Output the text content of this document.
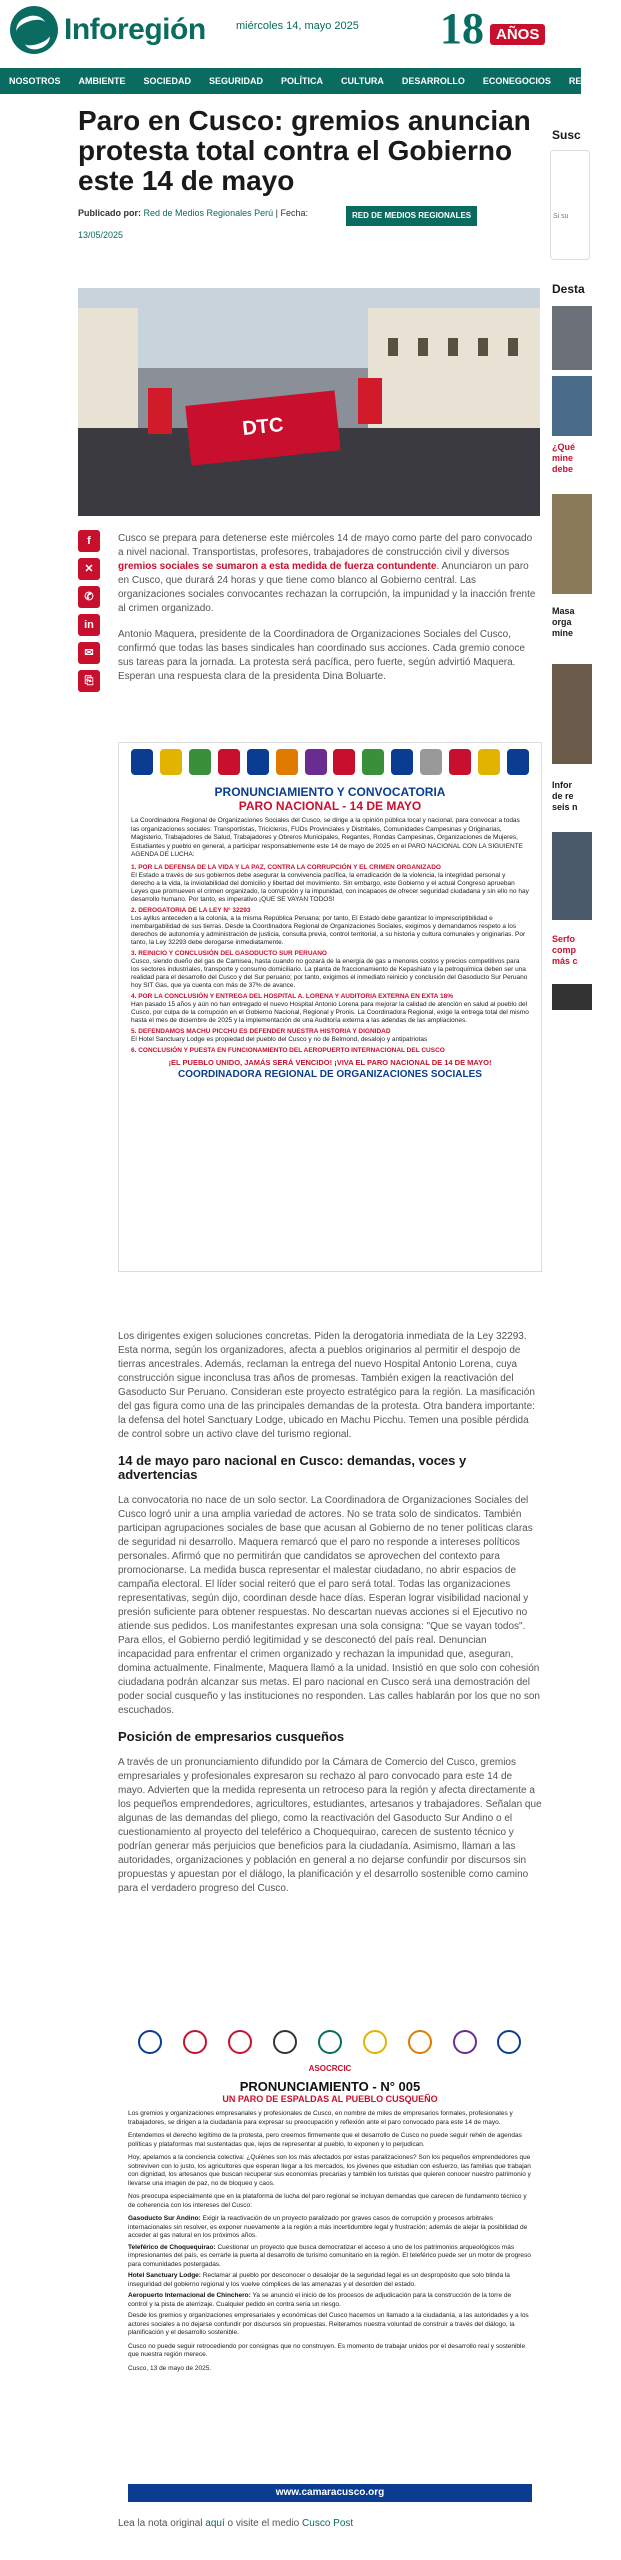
Inforegión	miércoles 14, mayo 2025 18 AÑOS
NOSOTROS AMBIENTE SOCIEDAD SEGURIDAD POLÍTICA CULTURA DESARROLLO ECONEGOCIOS REPORTA
Paro en Cusco: gremios anuncian protesta total contra el Gobierno este 14 de mayo
Publicado por: Red de Medios Regionales Perú | Fecha:	RED DE MEDIOS REGIONALES
13/05/2025
DTC
f
✕
✆
in
✉
⎘

Cusco se prepara para detenerse este miércoles 14 de mayo como parte del paro convocado a nivel nacional. Transportistas, profesores, trabajadores de construcción civil y diversos gremios sociales se sumaron a esta medida de fuerza contundente. Anunciaron un paro en Cusco, que durará 24 horas y que tiene como blanco al Gobierno central. Las organizaciones sociales convocantes rechazan la corrupción, la impunidad y la inacción frente al crimen organizado.

Antonio Maquera, presidente de la Coordinadora de Organizaciones Sociales del Cusco, confirmó que todas las bases sindicales han coordinado sus acciones. Cada gremio conoce sus tareas para la jornada. La protesta será pacífica, pero fuerte, según advirtió Maquera. Esperan una respuesta clara de la presidenta Dina Boluarte.

PRONUNCIAMIENTO Y CONVOCATORIA
PARO NACIONAL - 14 DE MAYO
La Coordinadora Regional de Organizaciones Sociales del Cusco, se dirige a la opinión pública local y nacional, para convocar a todas las organizaciones sociales: Transportistas, Tricicleros, FUDs Provinciales y Distritales, Comunidades Campesinas y Originarias, Magisterio, Trabajadores de Salud, Trabajadores y Obreros Municipales, Regantes, Rondas Campesinas, Organizaciones de Mujeres, Estudiantes y pueblo en general, a participar responsablemente este 14 de mayo de 2025 en el PARO NACIONAL CON LA SIGUIENTE AGENDA DE LUCHA:
1. POR LA DEFENSA DE LA VIDA Y LA PAZ, CONTRA LA CORRUPCIÓN Y EL CRIMEN ORGANIZADO
El Estado a través de sus gobiernos debe asegurar la convivencia pacífica, la erradicación de la violencia, la integridad personal y derecho a la vida, la inviolabilidad del domicilio y libertad del movimiento. Sin embargo, este Gobierno y el actual Congreso aprueban Leyes que promueven el crimen organizado, la corrupción y la impunidad, con incapaces de ofrecer seguridad ciudadana y sin ello no hay desarrollo humano. Por tanto, es imperativo ¡QUE SE VAYAN TODOS!
2. DEROGATORIA DE LA LEY N° 32293
Los ayllus anteceden a la colonia, a la misma República Peruana; por tanto, El Estado debe garantizar lo imprescriptibilidad e inembargabilidad de sus tierras. Desde la Coordinadora Regional de Organizaciones Sociales, exigimos y demandamos respeto a los derechos de autonomía y administración de justicia, consulta previa, control territorial, a su historia y cultura comunales y originarias. Por tanto, la Ley 32293 debe derogarse inmediatamente.
3. REINICIO Y CONCLUSIÓN DEL GASODUCTO SUR PERUANO
Cusco, siendo dueño del gas de Camisea, hasta cuando no gozará de la energía de gas a menores costos y precios competitivos para los sectores industriales, transporte y consumo domiciliario. La planta de fraccionamiento de Kepashiato y la petroquímica deben ser una realidad para el desarrollo del Cusco y del Sur peruano; por tanto, exigimos el inmediato reinicio y conclusión del Gasoducto Sur Peruano hoy SIT Gas, que ya cuenta con más de 37% de avance.
4. POR LA CONCLUSIÓN Y ENTREGA DEL HOSPITAL A. LORENA Y AUDITORIA EXTERNA EN EXTA 18%
Han pasado 15 años y aún no han entregado el nuevo Hospital Antonio Lorena para mejorar la calidad de atención en salud al pueblo del Cusco, por culpa de la corrupción en el Gobierno Nacional, Regional y Pronis. La Coordinadora Regional, exige la entrega total del mismo hasta el mes de diciembre de 2025 y la implementación de una Auditoría externa a las adendas de las ampliaciones.
5. DEFENDAMOS MACHU PICCHU ES DEFENDER NUESTRA HISTORIA Y DIGNIDAD
El Hotel Sanctuary Lodge es propiedad del pueblo del Cusco y no de Belmond, desalojo y antipatriotas
6. CONCLUSIÓN Y PUESTA EN FUNCIONAMIENTO DEL AEROPUERTO INTERNACIONAL DEL CUSCO
¡EL PUEBLO UNIDO, JAMÁS SERÁ VENCIDO! ¡VIVA EL PARO NACIONAL DE 14 DE MAYO!
COORDINADORA REGIONAL DE ORGANIZACIONES SOCIALES

Los dirigentes exigen soluciones concretas. Piden la derogatoria inmediata de la Ley 32293. Esta norma, según los organizadores, afecta a pueblos originarios al permitir el despojo de tierras ancestrales. Además, reclaman la entrega del nuevo Hospital Antonio Lorena, cuya construcción sigue inconclusa tras años de promesas. También exigen la reactivación del Gasoducto Sur Peruano. Consideran este proyecto estratégico para la región. La masificación del gas figura como una de las principales demandas de la protesta. Otra bandera importante: la defensa del hotel Sanctuary Lodge, ubicado en Machu Picchu. Temen una posible pérdida de control sobre un activo clave del turismo regional.

14 de mayo paro nacional en Cusco: demandas, voces y advertencias

La convocatoria no nace de un solo sector. La Coordinadora de Organizaciones Sociales del Cusco logró unir a una amplia variedad de actores. No se trata solo de sindicatos. También participan agrupaciones sociales de base que acusan al Gobierno de no tener políticas claras de seguridad ni desarrollo. Maquera remarcó que el paro no responde a intereses políticos personales. Afirmó que no permitirán que candidatos se aprovechen del contexto para promocionarse. La medida busca representar el malestar ciudadano, no abrir espacios de campaña electoral. El líder social reiteró que el paro será total. Todas las organizaciones representativas, según dijo, coordinan desde hace días. Esperan lograr visibilidad nacional y presión suficiente para obtener respuestas. No descartan nuevas acciones si el Ejecutivo no atiende sus pedidos. Los manifestantes expresan una sola consigna: "Que se vayan todos". Para ellos, el Gobierno perdió legitimidad y se desconectó del país real. Denuncian incapacidad para enfrentar el crimen organizado y rechazan la impunidad que, aseguran, domina actualmente. Finalmente, Maquera llamó a la unidad. Insistió en que solo con cohesión ciudadana podrán alcanzar sus metas. El paro nacional en Cusco será una demostración del poder social cusqueño y las instituciones no responden. Las calles hablarán por los que no son escuchados.

Posición de empresarios cusqueños

A través de un pronunciamiento difundido por la Cámara de Comercio del Cusco, gremios empresariales y profesionales expresaron su rechazo al paro convocado para este 14 de mayo. Advierten que la medida representa un retroceso para la región y afecta directamente a los pequeños emprendedores, agricultores, estudiantes, artesanos y trabajadores. Señalan que algunas de las demandas del pliego, como la reactivación del Gasoducto Sur Andino o el cuestionamiento al proyecto del teleférico a Choquequirao, carecen de sustento técnico y podrían generar más perjuicios que beneficios para la ciudadanía. Asimismo, llaman a las autoridades, organizaciones y población en general a no dejarse confundir por discursos sin propuestas y apuestan por el diálogo, la planificación y el desarrollo sostenible como camino para el verdadero progreso del Cusco.

ASOCRCIC
PRONUNCIAMIENTO - N° 005
UN PARO DE ESPALDAS AL PUEBLO CUSQUEÑO
Los gremios y organizaciones empresariales y profesionales de Cusco, en nombre de miles de empresarios formales, profesionales y trabajadores, se dirigen a la ciudadanía para expresar su preocupación y reflexión ante el paro convocado para este 14 de mayo.
Entendemos el derecho legítimo de la protesta, pero creemos firmemente que el desarrollo de Cusco no puede seguir rehén de agendas políticas y plataformas mal sustentadas que, lejos de representar al pueblo, lo exponen y lo perjudican.
Hoy, apelamos a la conciencia colectiva: ¿Quiénes son los más afectados por estas paralizaciones? Son los pequeños emprendedores que sobreviven con lo justo, los agricultores que esperan llegar a los mercados, los jóvenes que estudian con esfuerzo, las familias que trabajan con dignidad, los artesanos que buscan recuperar sus economías precarias y también los turistas que quieren conocer nuestro patrimonio y llevarse una imagen de paz, no de bloqueo y caos.
Nos preocupa especialmente que en la plataforma de lucha del paro regional se incluyan demandas que carecen de fundamento técnico y de coherencia con los intereses del Cusco:
Gasoducto Sur Andino: Exigir la reactivación de un proyecto paralizado por graves casos de corrupción y procesos arbitrales internacionales sin resolver, es exponer nuevamente a la región a más incertidumbre legal y frustración; además de alejar la posibilidad de acceder al gas natural en los próximos años.
Teleférico de Choquequirao: Cuestionar un proyecto que busca democratizar el acceso a uno de los patrimonios arqueológicos más impresionantes del país, es cerrarle la puerta al desarrollo de turismo comunitario en la región. El teleférico puede ser un motor de progreso para comunidades postergadas.
Hotel Sanctuary Lodge: Reclamar al pueblo por desconocer o desalojar de la seguridad legal es un despropósito que solo blinda la inseguridad del gobierno regional y los vuelve cómplices de las amenazas y el desorden del estado.
Aeropuerto Internacional de Chinchero: Ya se anunció el inicio de los procesos de adjudicación para la construcción de la torre de control y la pista de aterrizaje. Cualquier pedido en contra sería un riesgo.
Desde los gremios y organizaciones empresariales y económicas del Cusco hacemos un llamado a la ciudadanía, a las autoridades y a los actores sociales a no dejarse confundir por discursos sin propuestas. Reiteramos nuestra voluntad de construir a través del diálogo, la planificación y el desarrollo sostenible.
Cusco no puede seguir retrocediendo por consignas que no construyen. Es momento de trabajar unidos por el desarrollo real y sostenible que nuestra región merece.
Cusco, 13 de mayo de 2025.
www.camaracusco.org
Lea la nota original aquí o visite el medio Cusco Post
Susc
Si su
Desta
¿Qué
mine
debe
Masa
orga
mine
Infor
de re
seis n
Serfo
comp
más c
